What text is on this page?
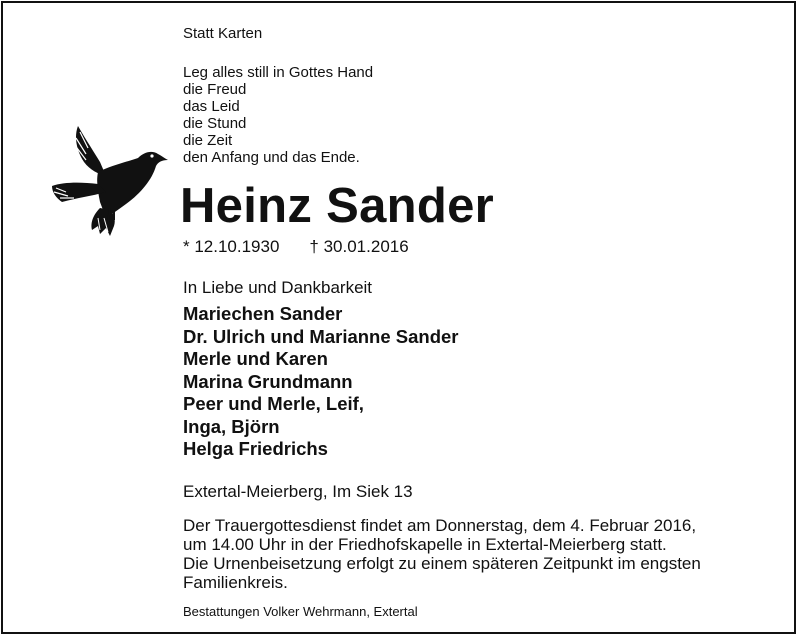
Statt Karten
Leg alles still in Gottes Hand
die Freud
das Leid
die Stund
die Zeit
den Anfang und das Ende.
Heinz Sander
* 12.10.1930 † 30.01.2016
In Liebe und Dankbarkeit
Mariechen Sander
Dr. Ulrich und Marianne Sander
Merle und Karen
Marina Grundmann
Peer und Merle, Leif,
Inga, Björn
Helga Friedrichs
Extertal-Meierberg, Im Siek 13
Der Trauergottesdienst findet am Donnerstag, dem 4. Februar 2016,
um 14.00 Uhr in der Friedhofskapelle in Extertal-Meierberg statt.
Die Urnenbeisetzung erfolgt zu einem späteren Zeitpunkt im engsten
Familienkreis.
Bestattungen Volker Wehrmann, Extertal
